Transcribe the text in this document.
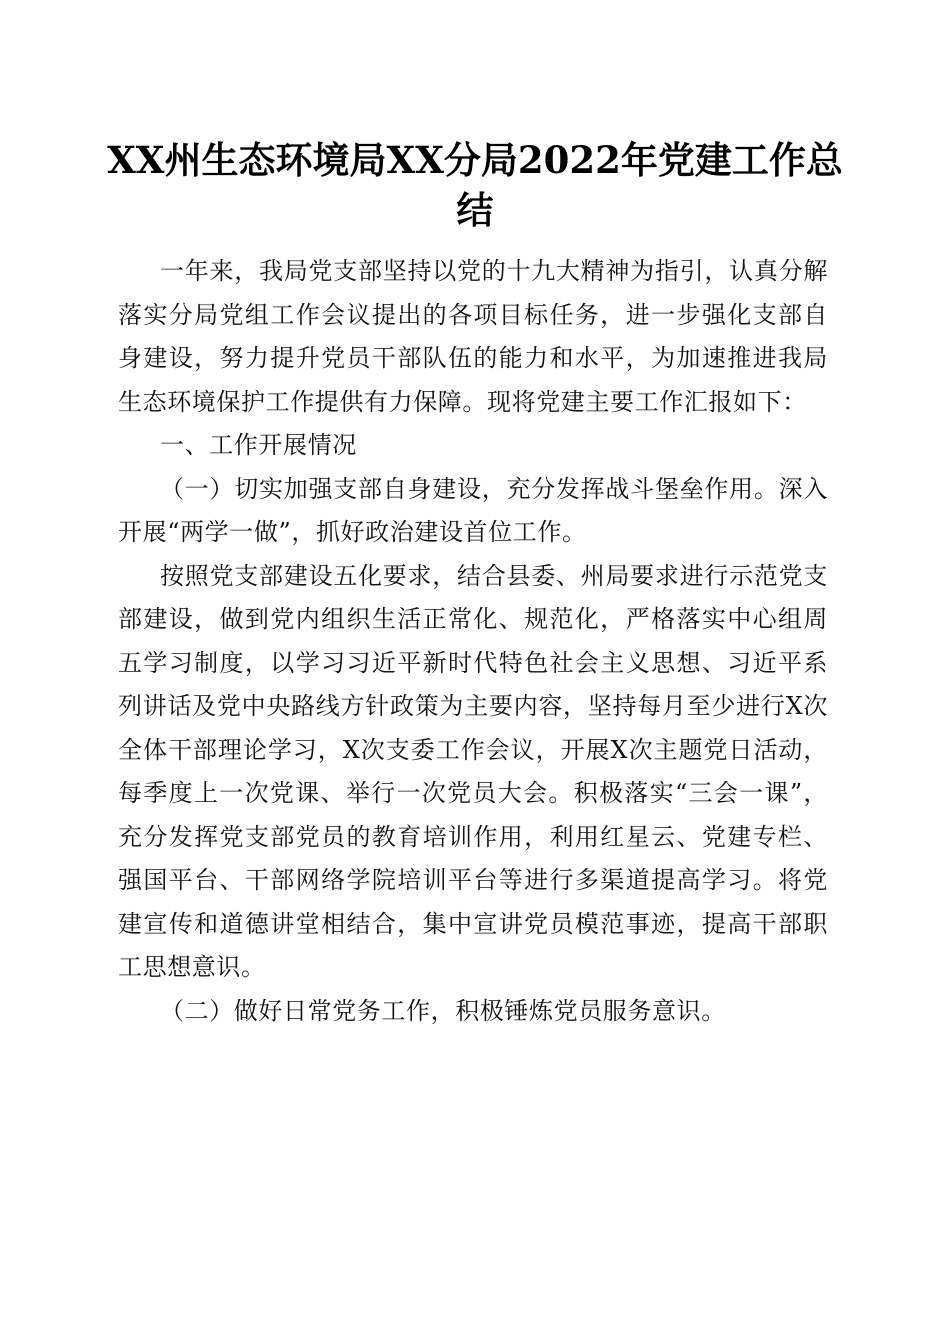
XX州生态环境局XX分局2022年党建工作总结

一年来，我局党支部坚持以党的十九大精神为指引，认真分解落实分局党组工作会议提出的各项目标任务，进一步强化支部自身建设，努力提升党员干部队伍的能力和水平，为加速推进我局生态环境保护工作提供有力保障。现将党建主要工作汇报如下：

一、工作开展情况

（一）切实加强支部自身建设，充分发挥战斗堡垒作用。深入开展“两学一做”，抓好政治建设首位工作。

按照党支部建设五化要求，结合县委、州局要求进行示范党支部建设，做到党内组织生活正常化、规范化，严格落实中心组周五学习制度，以学习习近平新时代特色社会主义思想、习近平系列讲话及党中央路线方针政策为主要内容，坚持每月至少进行X次全体干部理论学习，X次支委工作会议，开展X次主题党日活动，每季度上一次党课、举行一次党员大会。积极落实“三会一课”，充分发挥党支部党员的教育培训作用，利用红星云、党建专栏、强国平台、干部网络学院培训平台等进行多渠道提高学习。将党建宣传和道德讲堂相结合，集中宣讲党员模范事迹，提高干部职工思想意识。

（二）做好日常党务工作，积极锤炼党员服务意识。
